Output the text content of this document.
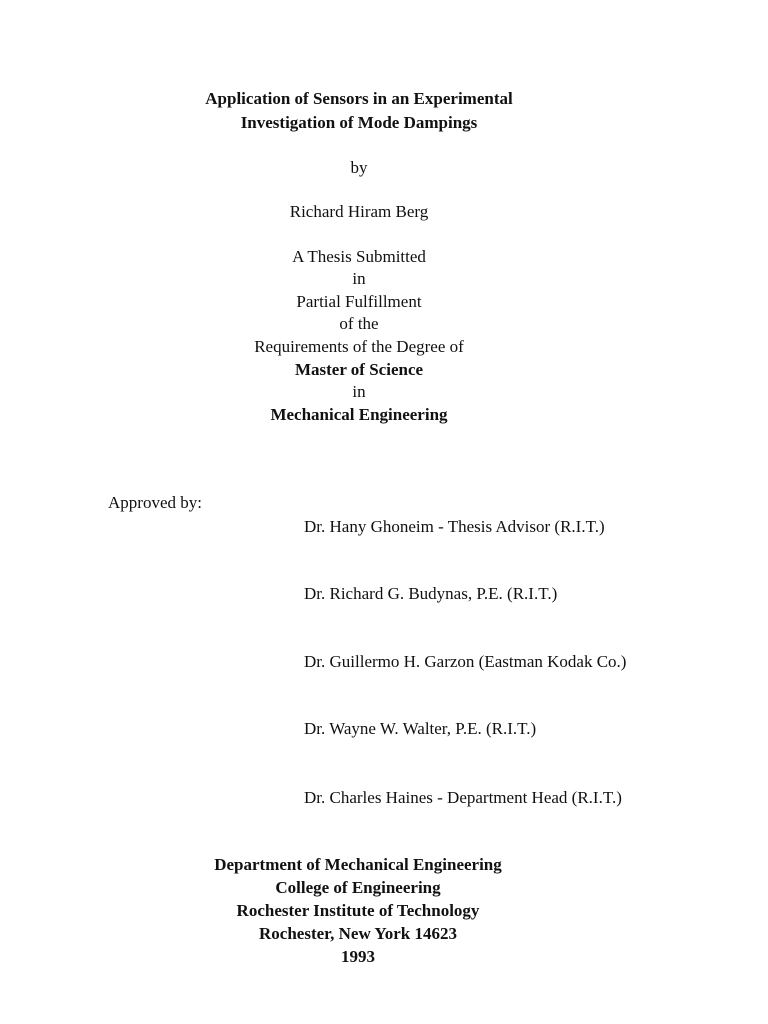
Application of Sensors in an Experimental
Investigation of Mode Dampings
by
Richard Hiram Berg
A Thesis Submitted
in
Partial Fulfillment
of the
Requirements of the Degree of
Master of Science
in
Mechanical Engineering
Approved by:
Dr. Hany Ghoneim - Thesis Advisor (R.I.T.)
Dr. Richard G. Budynas, P.E. (R.I.T.)
Dr. Guillermo H. Garzon (Eastman Kodak Co.)
Dr. Wayne W. Walter, P.E. (R.I.T.)
Dr. Charles Haines - Department Head (R.I.T.)
Department of Mechanical Engineering
College of Engineering
Rochester Institute of Technology
Rochester, New York 14623
1993
